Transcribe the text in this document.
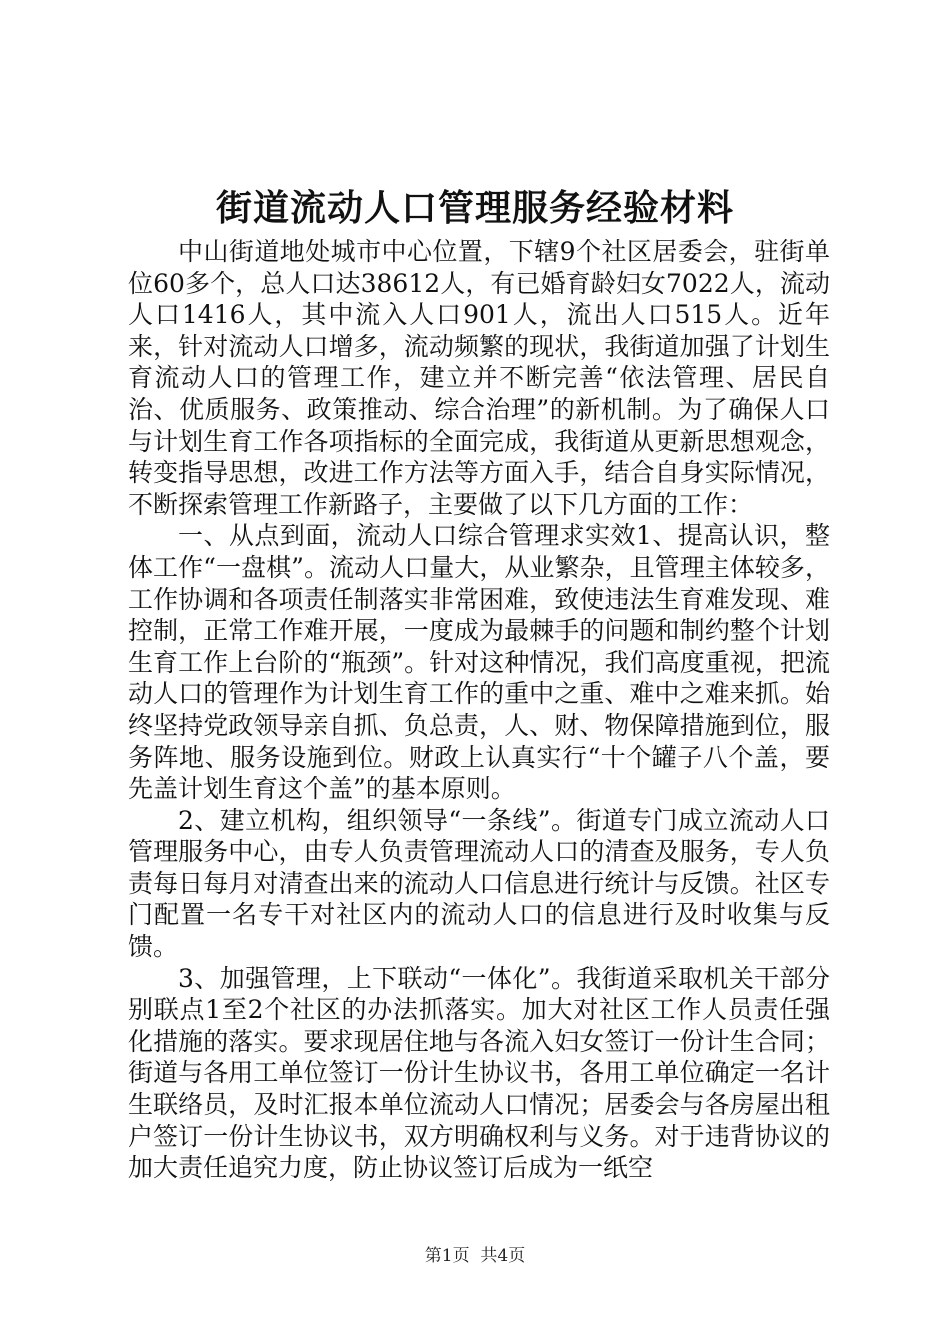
街道流动人口管理服务经验材料

中山街道地处城市中心位置，下辖9个社区居委会，驻街单位60多个，总人口达38612人，有已婚育龄妇女7022人，流动人口1416人，其中流入人口901人，流出人口515人。近年来，针对流动人口增多，流动频繁的现状，我街道加强了计划生育流动人口的管理工作，建立并不断完善“依法管理、居民自治、优质服务、政策推动、综合治理”的新机制。为了确保人口与计划生育工作各项指标的全面完成，我街道从更新思想观念，转变指导思想，改进工作方法等方面入手，结合自身实际情况，不断探索管理工作新路子，主要做了以下几方面的工作：

一、从点到面，流动人口综合管理求实效1、提高认识，整体工作“一盘棋”。流动人口量大，从业繁杂，且管理主体较多，工作协调和各项责任制落实非常困难，致使违法生育难发现、难控制，正常工作难开展，一度成为最棘手的问题和制约整个计划生育工作上台阶的“瓶颈”。针对这种情况，我们高度重视，把流动人口的管理作为计划生育工作的重中之重、难中之难来抓。始终坚持党政领导亲自抓、负总责，人、财、物保障措施到位，服务阵地、服务设施到位。财政上认真实行“十个罐子八个盖，要先盖计划生育这个盖”的基本原则。

2、建立机构，组织领导“一条线”。街道专门成立流动人口管理服务中心，由专人负责管理流动人口的清查及服务，专人负责每日每月对清查出来的流动人口信息进行统计与反馈。社区专门配置一名专干对社区内的流动人口的信息进行及时收集与反馈。

3、加强管理，上下联动“一体化”。我街道采取机关干部分别联点1至2个社区的办法抓落实。加大对社区工作人员责任强化措施的落实。要求现居住地与各流入妇女签订一份计生合同；街道与各用工单位签订一份计生协议书，各用工单位确定一名计生联络员，及时汇报本单位流动人口情况；居委会与各房屋出租户签订一份计生协议书，双方明确权利与义务。对于违背协议的加大责任追究力度，防止协议签订后成为一纸空

第1页 共4页
